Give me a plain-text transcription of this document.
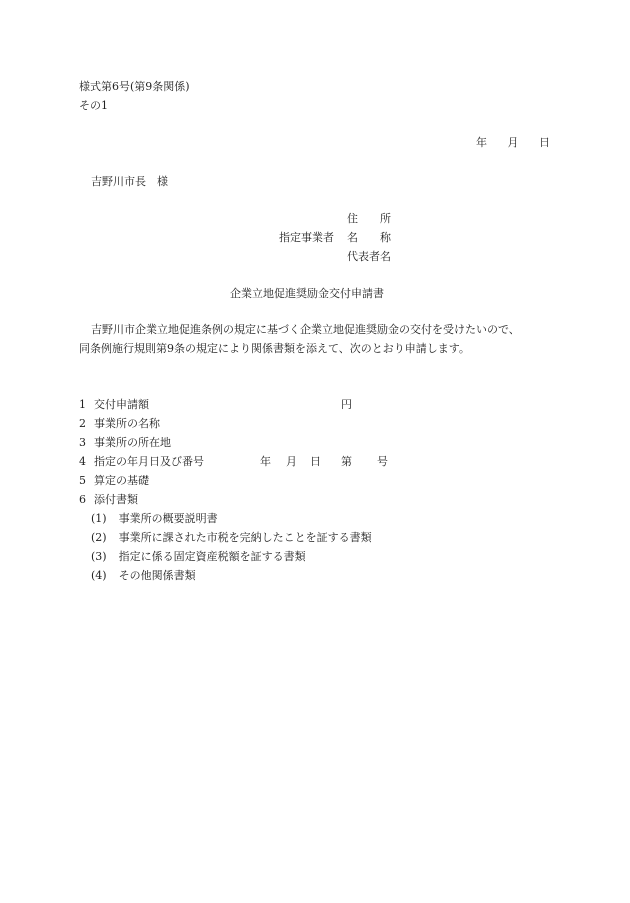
様式第6号(第9条関係)
その1
年 月 日
吉野川市長　様
住 所
指定事業者 名 称
代表者名
企業立地促進奨励金交付申請書
吉野川市企業立地促進条例の規定に基づく企業立地促進奨励金の交付を受けたいので、
同条例施行規則第9条の規定により関係書類を添えて、次のとおり申請します。
1 交付申請額	円
2 事業所の名称
3 事業所の所在地
4 指定の年月日及び番号	年 月 日 第 号
5 算定の基礎
6 添付書類
(1) 事業所の概要説明書
(2) 事業所に課された市税を完納したことを証する書類
(3) 指定に係る固定資産税額を証する書類
(4) その他関係書類
